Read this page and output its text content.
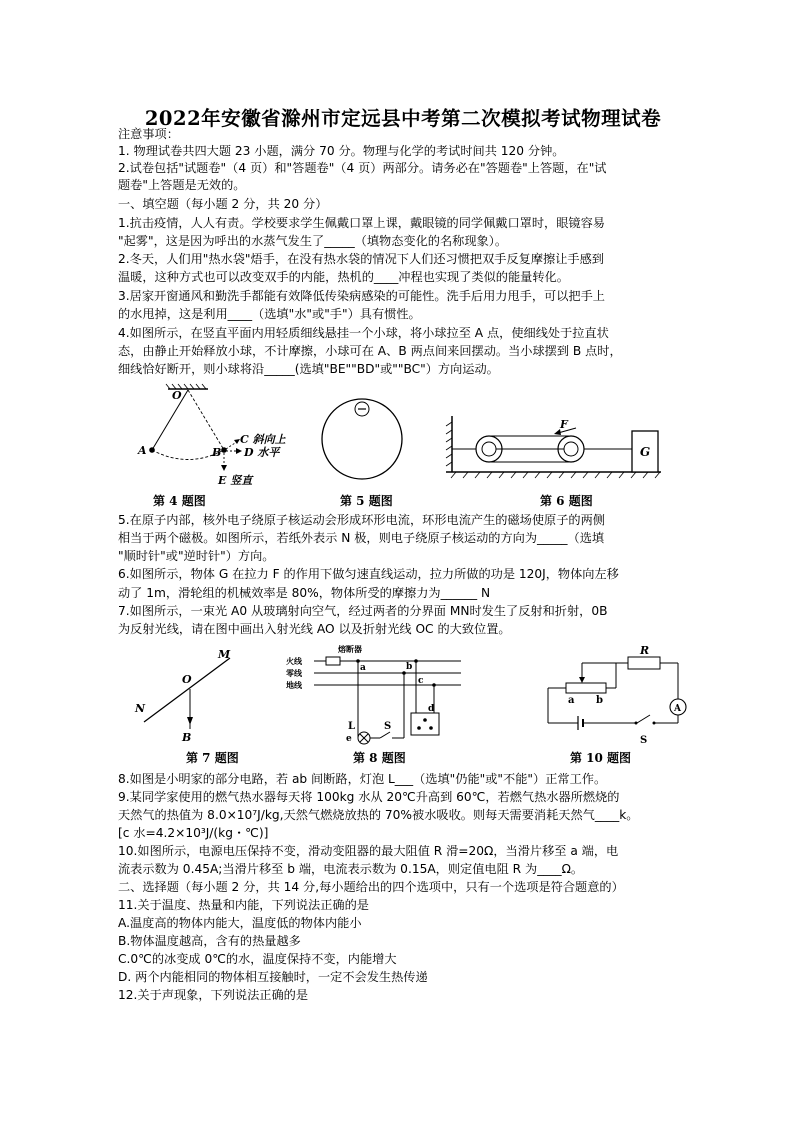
2022年安徽省滁州市定远县中考第二次模拟考试物理试卷
注意事项：
1. 物理试卷共四大题 23 小题，满分 70 分。物理与化学的考试时间共 120 分钟。
2.试卷包括"试题卷"（4 页）和"答题卷"（4 页）两部分。请务必在"答题卷"上答题，在"试
题卷"上答题是无效的。
一、填空题（每小题 2 分，共 20 分）
1.抗击疫情，人人有责。学校要求学生佩戴口罩上课，戴眼镜的同学佩戴口罩时，眼镜容易
"起雾"，这是因为呼出的水蒸气发生了_____（填物态变化的名称现象）。
2.冬天，人们用"热水袋"焐手，在没有热水袋的情况下人们还习惯把双手反复摩擦让手感到
温暖，这种方式也可以改变双手的内能，热机的____冲程也实现了类似的能量转化。
3.居家开窗通风和勤洗手都能有效降低传染病感染的可能性。洗手后用力甩手，可以把手上
的水甩掉，这是利用____（选填"水"或"手"）具有惯性。
4.如图所示，在竖直平面内用轻质细线悬挂一个小球，将小球拉至 A 点，使细线处于拉直状
态，由静止开始释放小球，不计摩擦，小球可在 A、B 两点间来回摆动。当小球摆到 B 点时，
细线恰好断开，则小球将沿_____(选填"BE""BD"或""BC"）方向运动。
O
A	B
C 斜向上
D 水平
E 竖直
第 4 题图	第 5 题图
F
G
第 6 题图
5.在原子内部，核外电子绕原子核运动会形成环形电流，环形电流产生的磁场使原子的两侧
相当于两个磁极。如图所示，若纸外表示 N 极，则电子绕原子核运动的方向为_____（选填
"顺时针"或"逆时针"）方向。
6.如图所示，物体 G 在拉力 F 的作用下做匀速直线运动，拉力所做的功是 120J，物体向左移
动了 1m，滑轮组的机械效率是 80%，物体所受的摩擦力为______ N
7.如图所示，一束光 A0 从玻璃射向空气，经过两者的分界面 MN时发生了反射和折射，0B
为反射光线，请在图中画出入射光线 AO 以及折射光线 OC 的大致位置。
M
N
O
B
第 7 题图
火线
零线
地线
熔断器
a	b
c
d
e
L	S
第 8 题图
R
a b
A
S
第 10 题图
8.如图是小明家的部分电路，若 ab 间断路，灯泡 L___（选填"仍能"或"不能"）正常工作。
9.某同学家使用的燃气热水器每天将 100kg 水从 20℃升高到 60℃，若燃气热水器所燃烧的
天然气的热值为 8.0×10⁷J/kg,天然气燃烧放热的 70%被水吸收。则每天需要消耗天然气____k。
[c 水=4.2×10³J/(kg・℃)]
10.如图所示，电源电压保持不变，滑动变阻器的最大阻值 R 滑=20Ω，当滑片移至 a 端，电
流表示数为 0.45A;当滑片移至 b 端，电流表示数为 0.15A，则定值电阻 R 为____Ω。
二、选择题（每小题 2 分，共 14 分,每小题给出的四个选项中，只有一个选项是符合题意的）
11.关于温度、热量和内能，下列说法正确的是
A.温度高的物体内能大，温度低的物体内能小
B.物体温度越高，含有的热量越多
C.0℃的冰变成 0℃的水，温度保持不变，内能增大
D. 两个内能相同的物体相互接触时，一定不会发生热传递
12.关于声现象，下列说法正确的是
